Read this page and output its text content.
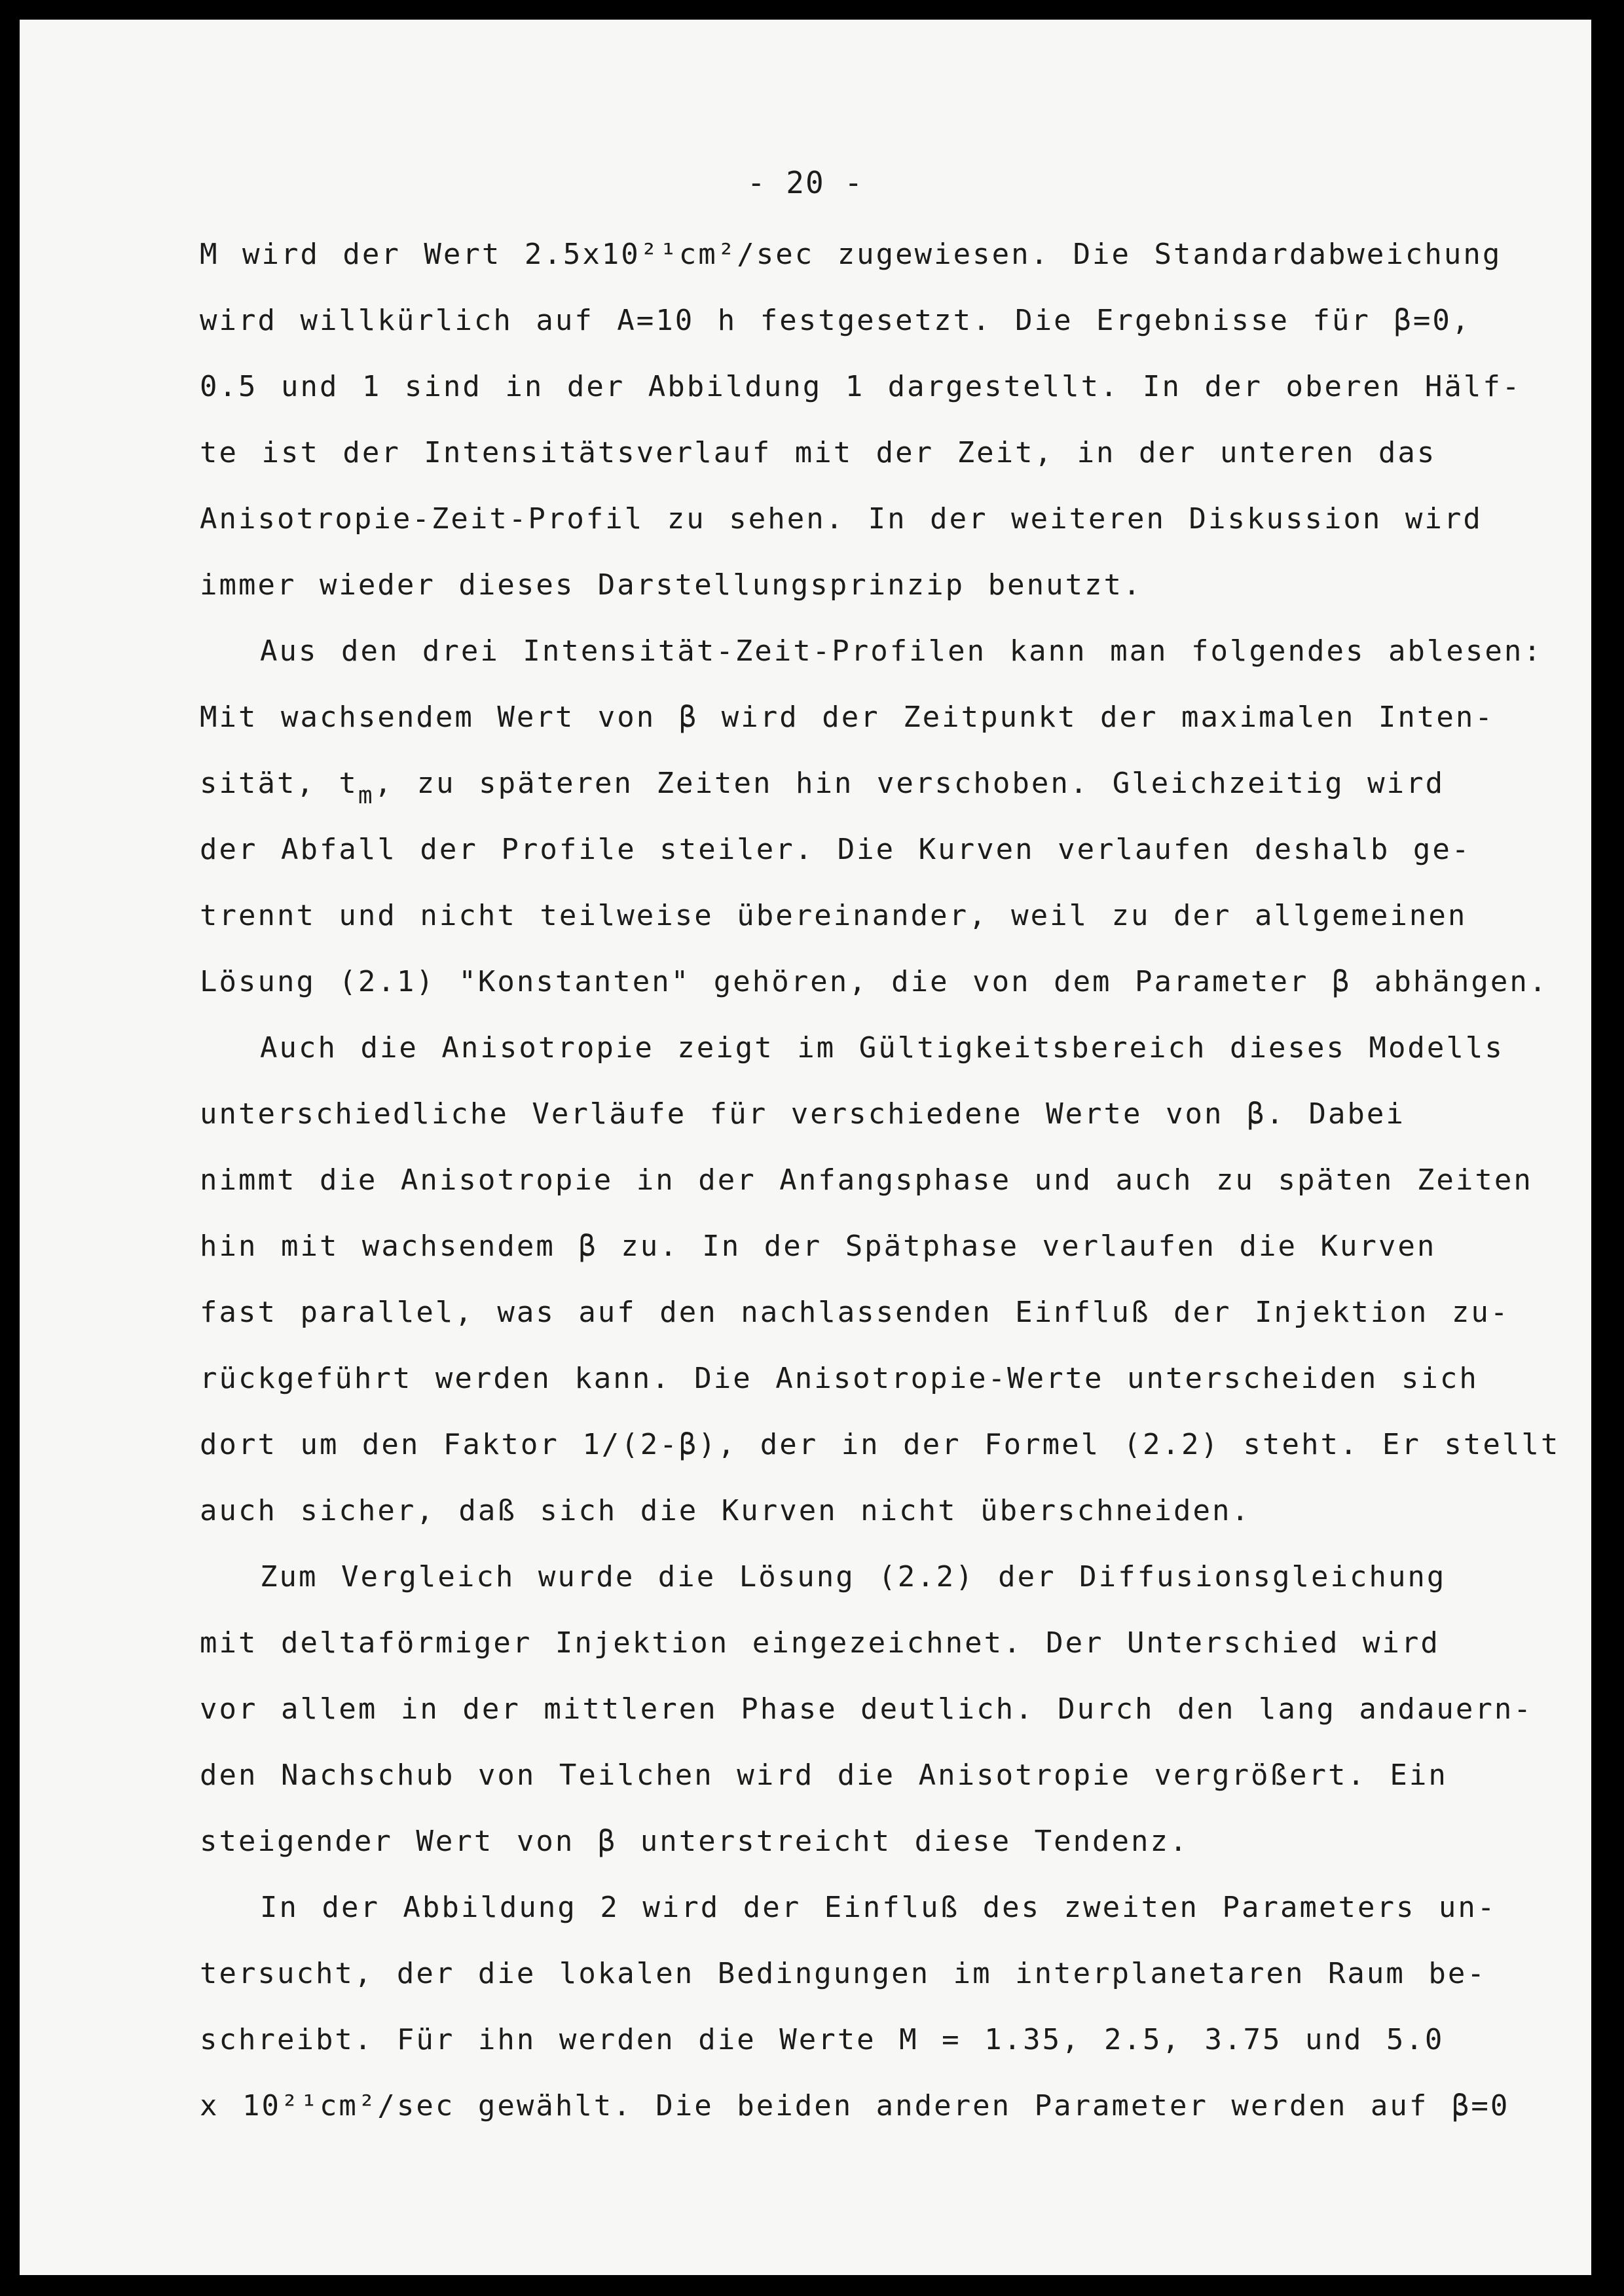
- 20 -
M wird der Wert 2.5x10²¹cm²/sec zugewiesen. Die Standardabweichung
wird willkürlich auf A=10 h festgesetzt. Die Ergebnisse für β=0,
0.5 und 1 sind in der Abbildung 1 dargestellt. In der oberen Hälf-
te ist der Intensitätsverlauf mit der Zeit, in der unteren das
Anisotropie-Zeit-Profil zu sehen. In der weiteren Diskussion wird
immer wieder dieses Darstellungsprinzip benutzt.
Aus den drei Intensität-Zeit-Profilen kann man folgendes ablesen:
Mit wachsendem Wert von β wird der Zeitpunkt der maximalen Inten-
sität, $t_m$, zu späteren Zeiten hin verschoben. Gleichzeitig wird
der Abfall der Profile steiler. Die Kurven verlaufen deshalb ge-
trennt und nicht teilweise übereinander, weil zu der allgemeinen
Lösung (2.1) "Konstanten" gehören, die von dem Parameter β abhängen.
Auch die Anisotropie zeigt im Gültigkeitsbereich dieses Modells
unterschiedliche Verläufe für verschiedene Werte von β. Dabei
nimmt die Anisotropie in der Anfangsphase und auch zu späten Zeiten
hin mit wachsendem β zu. In der Spätphase verlaufen die Kurven
fast parallel, was auf den nachlassenden Einfluß der Injektion zu-
rückgeführt werden kann. Die Anisotropie-Werte unterscheiden sich
dort um den Faktor 1/(2-β), der in der Formel (2.2) steht. Er stellt
auch sicher, daß sich die Kurven nicht überschneiden.
Zum Vergleich wurde die Lösung (2.2) der Diffusionsgleichung
mit deltaförmiger Injektion eingezeichnet. Der Unterschied wird
vor allem in der mittleren Phase deutlich. Durch den lang andauern-
den Nachschub von Teilchen wird die Anisotropie vergrößert. Ein
steigender Wert von β unterstreicht diese Tendenz.
In der Abbildung 2 wird der Einfluß des zweiten Parameters un-
tersucht, der die lokalen Bedingungen im interplanetaren Raum be-
schreibt. Für ihn werden die Werte M = 1.35, 2.5, 3.75 und 5.0
x 10²¹cm²/sec gewählt. Die beiden anderen Parameter werden auf β=0
